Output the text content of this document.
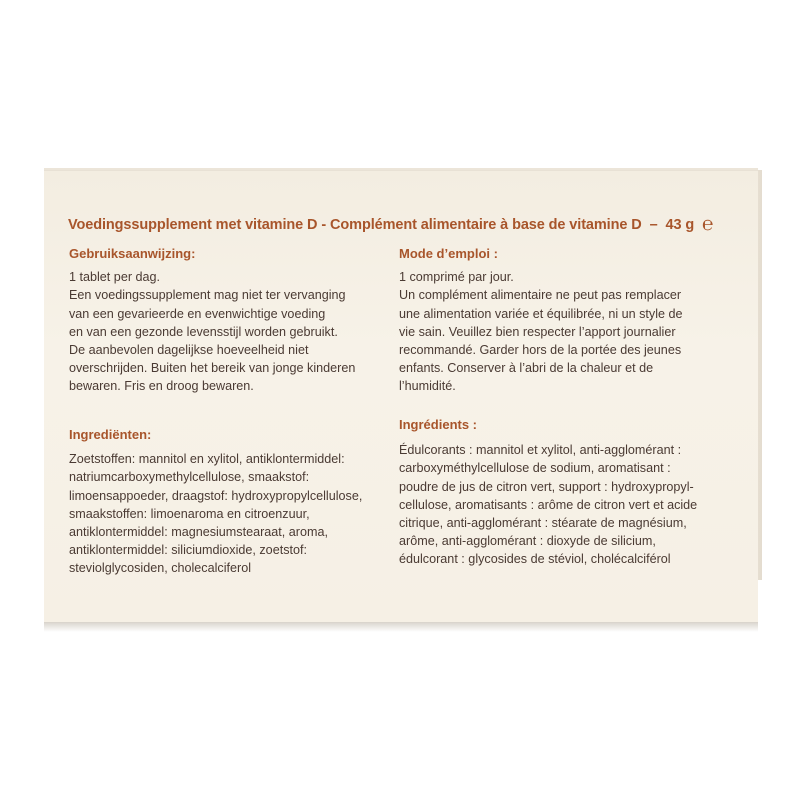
Voedingssupplement met vitamine D - Complément alimentaire à base de vitamine D – 43 g ℮

Gebruiksaanwijzing:

1 tablet per dag.

Een voedingssupplement mag niet ter vervanging

van een gevarieerde en evenwichtige voeding

en van een gezonde levensstijl worden gebruikt.

De aanbevolen dagelijkse hoeveelheid niet

overschrijden. Buiten het bereik van jonge kinderen

bewaren. Fris en droog bewaren.

Mode d’emploi :

1 comprimé par jour.

Un complément alimentaire ne peut pas remplacer

une alimentation variée et équilibrée, ni un style de

vie sain. Veuillez bien respecter l’apport journalier

recommandé. Garder hors de la portée des jeunes

enfants. Conserver à l’abri de la chaleur et de

l’humidité.

Ingrediënten:

Zoetstoffen: mannitol en xylitol, antiklontermiddel:

natriumcarboxymethylcellulose, smaakstof:

limoensappoeder, draagstof: hydroxypropylcellulose,

smaakstoffen: limoenaroma en citroenzuur,

antiklontermiddel: magnesiumstearaat, aroma,

antiklontermiddel: siliciumdioxide, zoetstof:

steviolglycosiden, cholecalciferol

Ingrédients :

Édulcorants : mannitol et xylitol, anti-agglomérant :

carboxyméthylcellulose de sodium, aromatisant :

poudre de jus de citron vert, support : hydroxypropyl-

cellulose, aromatisants : arôme de citron vert et acide

citrique, anti-agglomérant : stéarate de magnésium,

arôme, anti-agglomérant : dioxyde de silicium,

édulcorant : glycosides de stéviol, cholécalciférol
